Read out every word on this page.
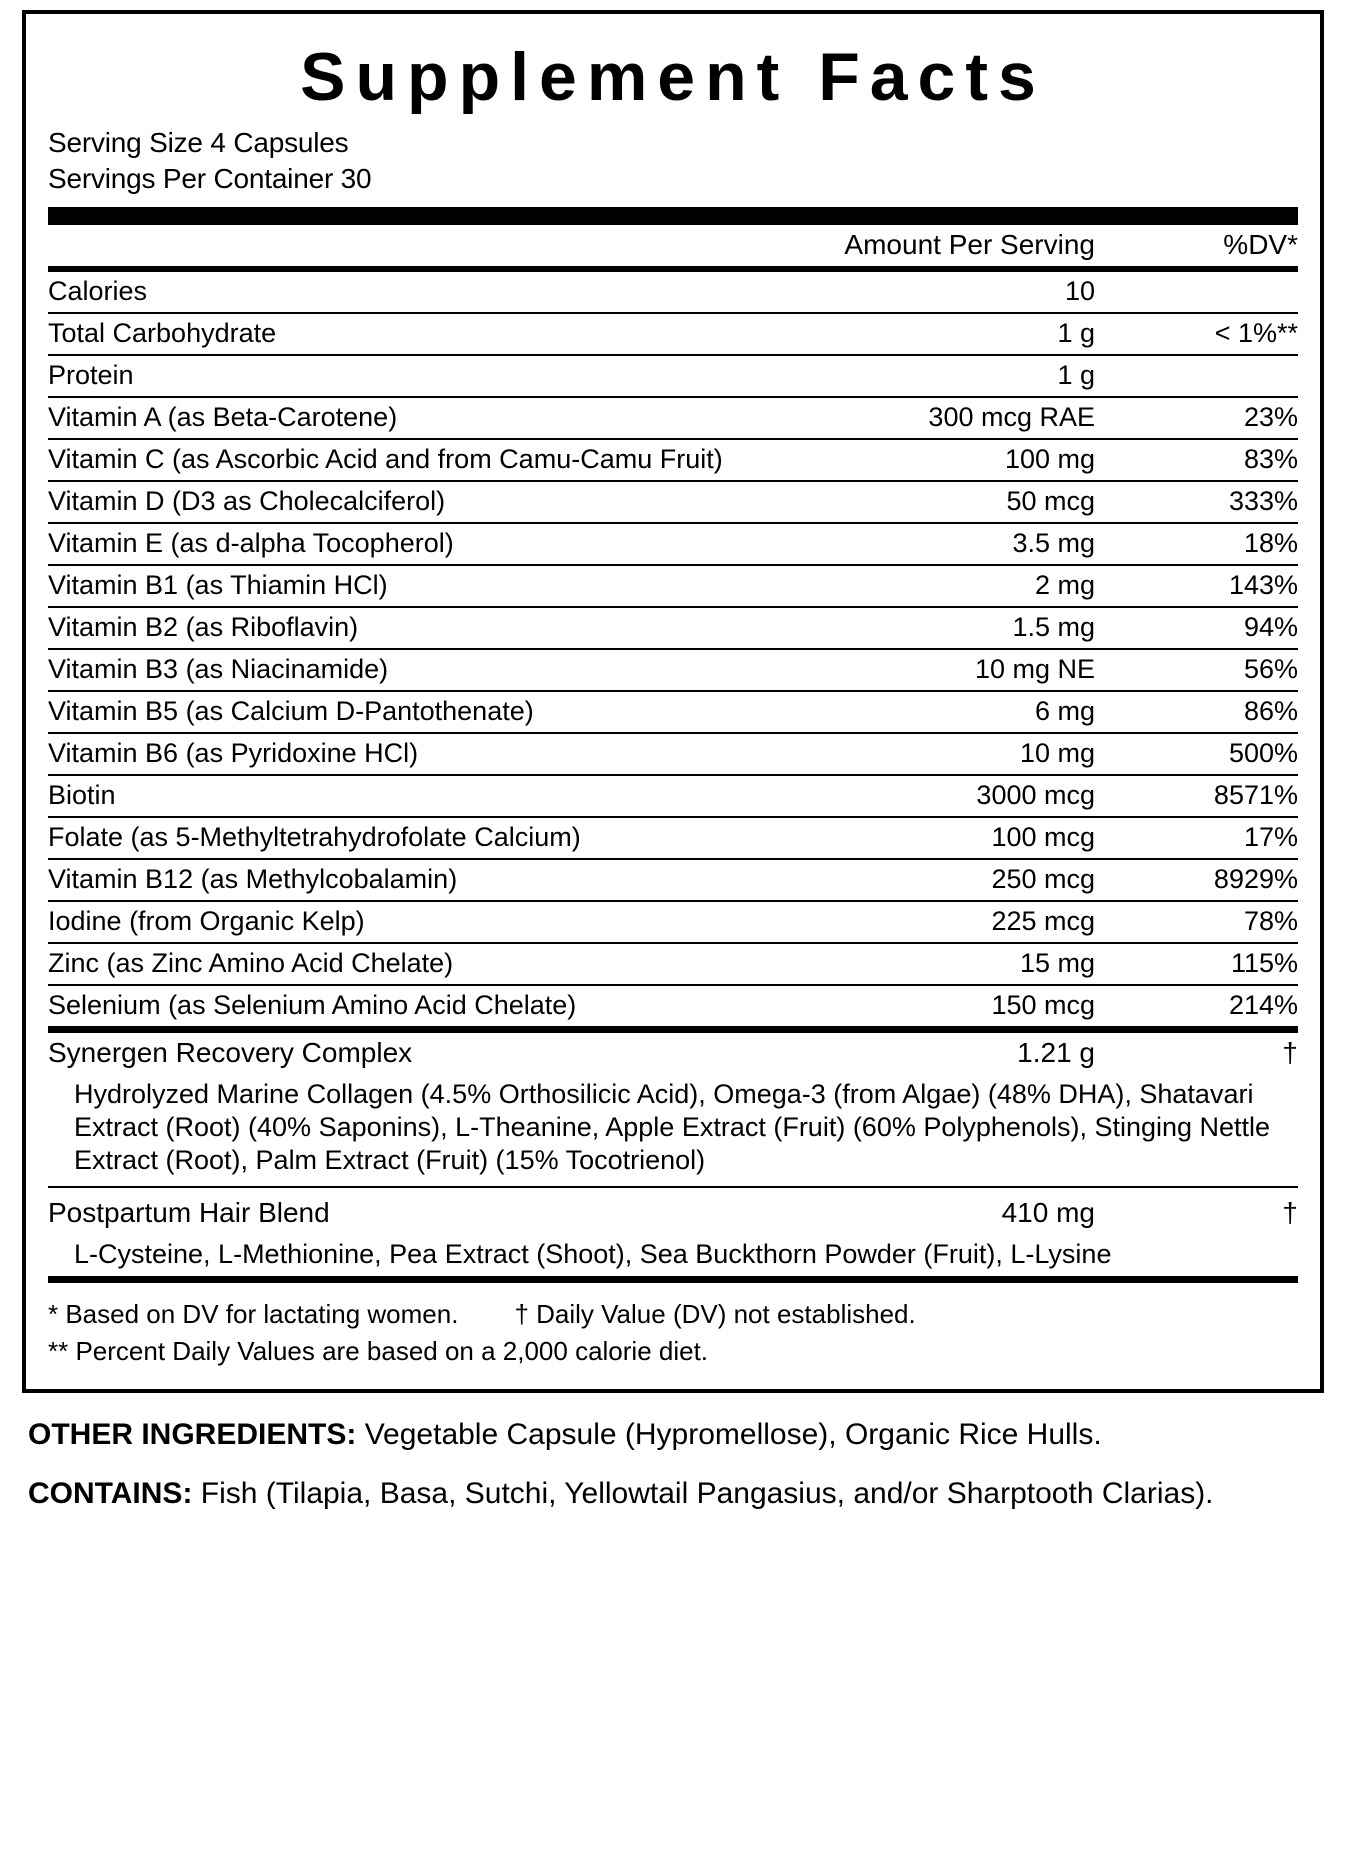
Supplement Facts
Serving Size 4 Capsules
Servings Per Container 30
	Amount Per Serving	%DV*
Calories	10	
Total Carbohydrate	1 g	< 1%**
Protein	1 g	
Vitamin A (as Beta-Carotene)	300 mcg RAE	23%
Vitamin C (as Ascorbic Acid and from Camu-Camu Fruit)	100 mg	83%
Vitamin D (D3 as Cholecalciferol)	50 mcg	333%
Vitamin E (as d-alpha Tocopherol)	3.5 mg	18%
Vitamin B1 (as Thiamin HCl)	2 mg	143%
Vitamin B2 (as Riboflavin)	1.5 mg	94%
Vitamin B3 (as Niacinamide)	10 mg NE	56%
Vitamin B5 (as Calcium D-Pantothenate)	6 mg	86%
Vitamin B6 (as Pyridoxine HCl)	10 mg	500%
Biotin	3000 mcg	8571%
Folate (as 5-Methyltetrahydrofolate Calcium)	100 mcg	17%
Vitamin B12 (as Methylcobalamin)	250 mcg	8929%
Iodine (from Organic Kelp)	225 mcg	78%
Zinc (as Zinc Amino Acid Chelate)	15 mg	115%
Selenium (as Selenium Amino Acid Chelate)	150 mcg	214%
Synergen Recovery Complex	1.21 g	†
Hydrolyzed Marine Collagen (4.5% Orthosilicic Acid), Omega-3 (from Algae) (48% DHA), Shatavari Extract (Root) (40% Saponins), L-Theanine, Apple Extract (Fruit) (60% Polyphenols), Stinging Nettle Extract (Root), Palm Extract (Fruit) (15% Tocotrienol)		

Postpartum Hair Blend	410 mg	†
L-Cysteine, L-Methionine, Pea Extract (Shoot), Sea Buckthorn Powder (Fruit), L-Lysine		
* Based on DV for lactating women. † Daily Value (DV) not established.
** Percent Daily Values are based on a 2,000 calorie diet.

OTHER INGREDIENTS: Vegetable Capsule (Hypromellose), Organic Rice Hulls.

CONTAINS: Fish (Tilapia, Basa, Sutchi, Yellowtail Pangasius, and/or Sharptooth Clarias).
